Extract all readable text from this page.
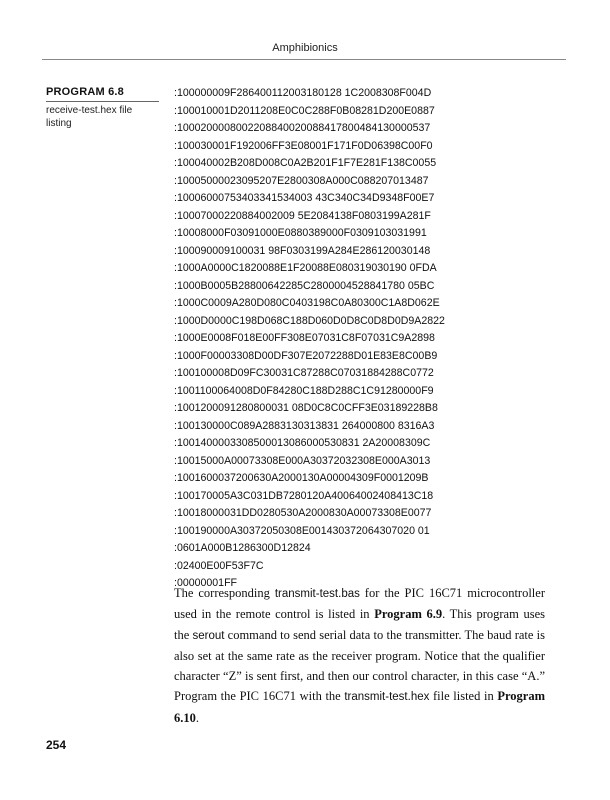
Amphibionics
PROGRAM 6.8
receive-test.hex file listing
:100000009F286400112003180128 1C2008308F004D
:100010001D2011208E0C0C288F0B08281D200E0887
:1000200008002208840020088417800484130000537
:100030001F192006FF3E08001F171F0D06398C00F0
:100040002B208D008C0A2B201F1F7E281F138C0055
:10005000023095207E2800308A000C088207013487
:10006000753403341534003 43C340C34D9348F00E7
:10007000220884002009 5E2084138F0803199A281F
:10008000F03091000E0880389000F0309103031991
:100090009100031 98F0303199A284E286120030148
:1000A0000C1820088E1F20088E080319030190 0FDA
:1000B0005B28800642285C2800004528841780 05BC
:1000C0009A280D080C0403198C0A80300C1A8D062E
:1000D0000C198D068C188D060D0D8C0D8D0D9A2822
:1000E0008F018E00FF308E07031C8F07031C9A2898
:1000F00003308D00DF307E2072288D01E83E8C00B9
:100100008D09FC30031C87288C07031884288C0772
:1001100064008D0F84280C188D288C1C91280000F9
:1001200091280800031 08D0C8C0CFF3E03189228B8
:100130000C089A2883130313831 264000800 8316A3
:1001400003308500013086000530831 2A20008309C
:10015000A00073308E000A30372032308E000A3013
:1001600037200630A2000130A00004309F0001209B
:100170005A3C031DB7280120A40064002408413C18
:10018000031DD0280530A2000830A00073308E0077
:100190000A30372050308E001430372064307020 01
:0601A000B1286300D12824
:02400E00F53F7C
:00000001FF

The corresponding transmit-test.bas for the PIC 16C71 microcontroller used in the remote control is listed in Program 6.9. This program uses the serout command to send serial data to the transmitter. The baud rate is also set at the same rate as the receiver program. Notice that the qualifier character “Z” is sent first, and then our control character, in this case “A.” Program the PIC 16C71 with the transmit-test.hex file listed in Program 6.10.

254
